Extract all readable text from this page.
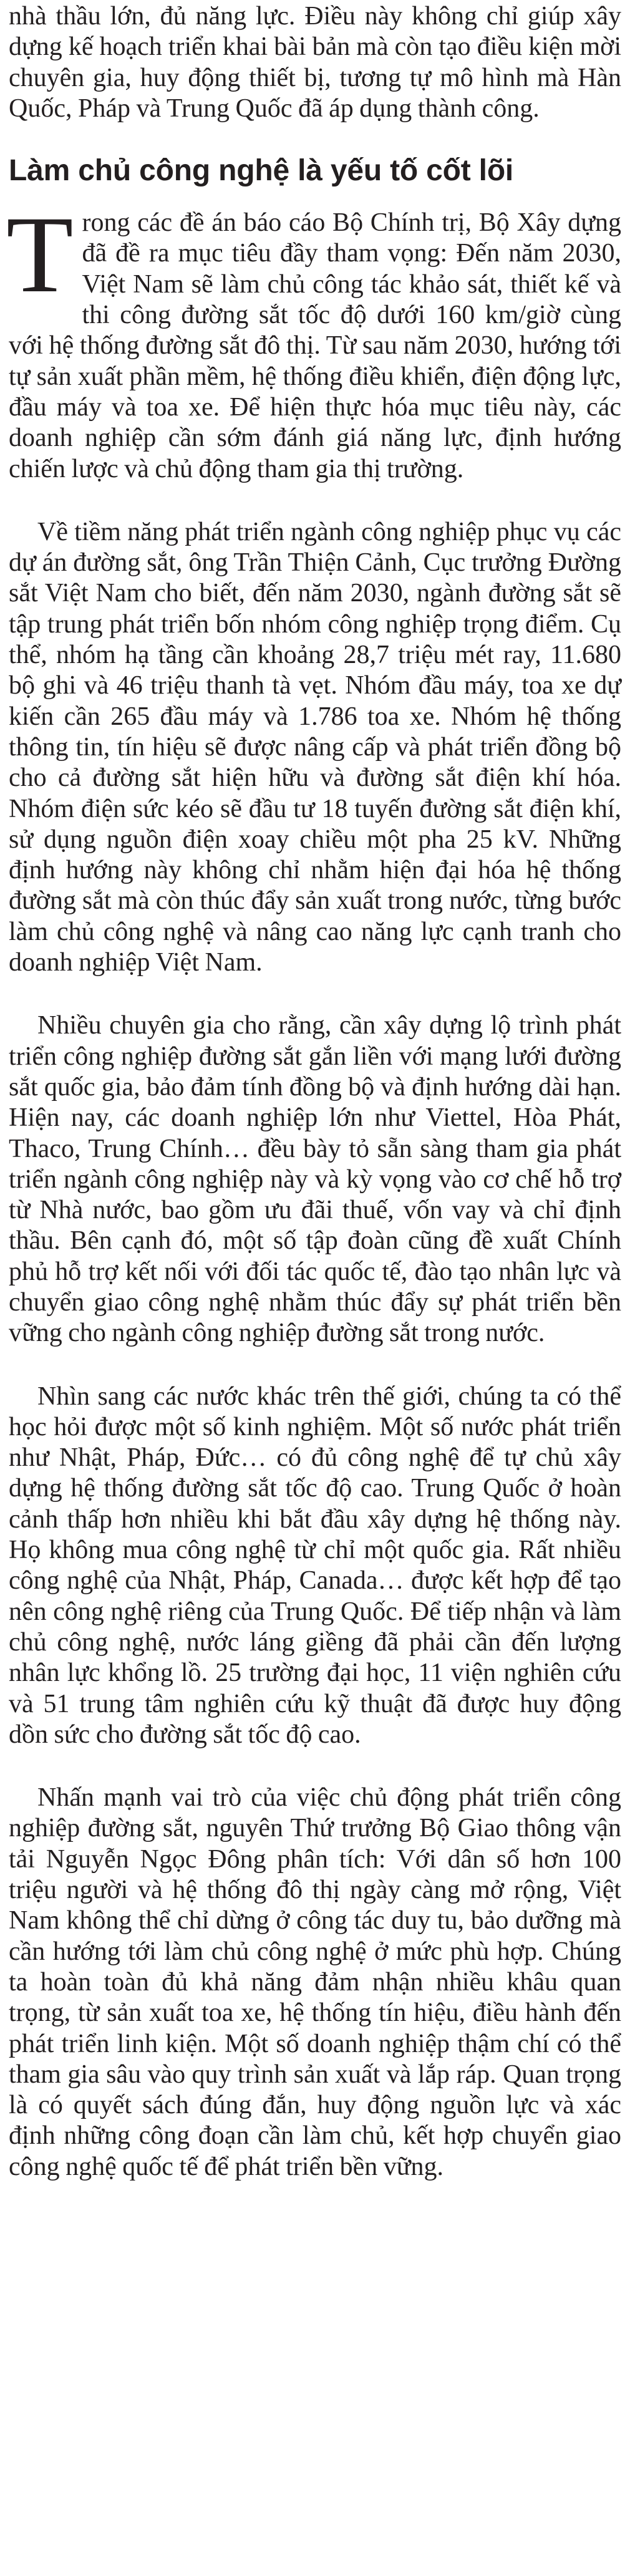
nhà thầu lớn, đủ năng lực. Điều này không chỉ giúp xây dựng kế hoạch triển khai bài bản mà còn tạo điều kiện mời chuyên gia, huy động thiết bị, tương tự mô hình mà Hàn Quốc, Pháp và Trung Quốc đã áp dụng thành công.

Làm chủ công nghệ là yếu tố cốt lõi

Trong các đề án báo cáo Bộ Chính trị, Bộ Xây dựng đã đề ra mục tiêu đầy tham vọng: Đến năm 2030, Việt Nam sẽ làm chủ công tác khảo sát, thiết kế và thi công đường sắt tốc độ dưới 160 km/giờ cùng với hệ thống đường sắt đô thị. Từ sau năm 2030, hướng tới tự sản xuất phần mềm, hệ thống điều khiển, điện động lực, đầu máy và toa xe. Để hiện thực hóa mục tiêu này, các doanh nghiệp cần sớm đánh giá năng lực, định hướng chiến lược và chủ động tham gia thị trường.

Về tiềm năng phát triển ngành công nghiệp phục vụ các dự án đường sắt, ông Trần Thiện Cảnh, Cục trưởng Đường sắt Việt Nam cho biết, đến năm 2030, ngành đường sắt sẽ tập trung phát triển bốn nhóm công nghiệp trọng điểm. Cụ thể, nhóm hạ tầng cần khoảng 28,7 triệu mét ray, 11.680 bộ ghi và 46 triệu thanh tà vẹt. Nhóm đầu máy, toa xe dự kiến cần 265 đầu máy và 1.786 toa xe. Nhóm hệ thống thông tin, tín hiệu sẽ được nâng cấp và phát triển đồng bộ cho cả đường sắt hiện hữu và đường sắt điện khí hóa. Nhóm điện sức kéo sẽ đầu tư 18 tuyến đường sắt điện khí, sử dụng nguồn điện xoay chiều một pha 25 kV. Những định hướng này không chỉ nhằm hiện đại hóa hệ thống đường sắt mà còn thúc đẩy sản xuất trong nước, từng bước làm chủ công nghệ và nâng cao năng lực cạnh tranh cho doanh nghiệp Việt Nam.

Nhiều chuyên gia cho rằng, cần xây dựng lộ trình phát triển công nghiệp đường sắt gắn liền với mạng lưới đường sắt quốc gia, bảo đảm tính đồng bộ và định hướng dài hạn. Hiện nay, các doanh nghiệp lớn như Viettel, Hòa Phát, Thaco, Trung Chính… đều bày tỏ sẵn sàng tham gia phát triển ngành công nghiệp này và kỳ vọng vào cơ chế hỗ trợ từ Nhà nước, bao gồm ưu đãi thuế, vốn vay và chỉ định thầu. Bên cạnh đó, một số tập đoàn cũng đề xuất Chính phủ hỗ trợ kết nối với đối tác quốc tế, đào tạo nhân lực và chuyển giao công nghệ nhằm thúc đẩy sự phát triển bền vững cho ngành công nghiệp đường sắt trong nước.

Nhìn sang các nước khác trên thế giới, chúng ta có thể học hỏi được một số kinh nghiệm. Một số nước phát triển như Nhật, Pháp, Đức… có đủ công nghệ để tự chủ xây dựng hệ thống đường sắt tốc độ cao. Trung Quốc ở hoàn cảnh thấp hơn nhiều khi bắt đầu xây dựng hệ thống này. Họ không mua công nghệ từ chỉ một quốc gia. Rất nhiều công nghệ của Nhật, Pháp, Canada… được kết hợp để tạo nên công nghệ riêng của Trung Quốc. Để tiếp nhận và làm chủ công nghệ, nước láng giềng đã phải cần đến lượng nhân lực khổng lồ. 25 trường đại học, 11 viện nghiên cứu và 51 trung tâm nghiên cứu kỹ thuật đã được huy động dồn sức cho đường sắt tốc độ cao.

Nhấn mạnh vai trò của việc chủ động phát triển công nghiệp đường sắt, nguyên Thứ trưởng Bộ Giao thông vận tải Nguyễn Ngọc Đông phân tích: Với dân số hơn 100 triệu người và hệ thống đô thị ngày càng mở rộng, Việt Nam không thể chỉ dừng ở công tác duy tu, bảo dưỡng mà cần hướng tới làm chủ công nghệ ở mức phù hợp. Chúng ta hoàn toàn đủ khả năng đảm nhận nhiều khâu quan trọng, từ sản xuất toa xe, hệ thống tín hiệu, điều hành đến phát triển linh kiện. Một số doanh nghiệp thậm chí có thể tham gia sâu vào quy trình sản xuất và lắp ráp. Quan trọng là có quyết sách đúng đắn, huy động nguồn lực và xác định những công đoạn cần làm chủ, kết hợp chuyển giao công nghệ quốc tế để phát triển bền vững.
